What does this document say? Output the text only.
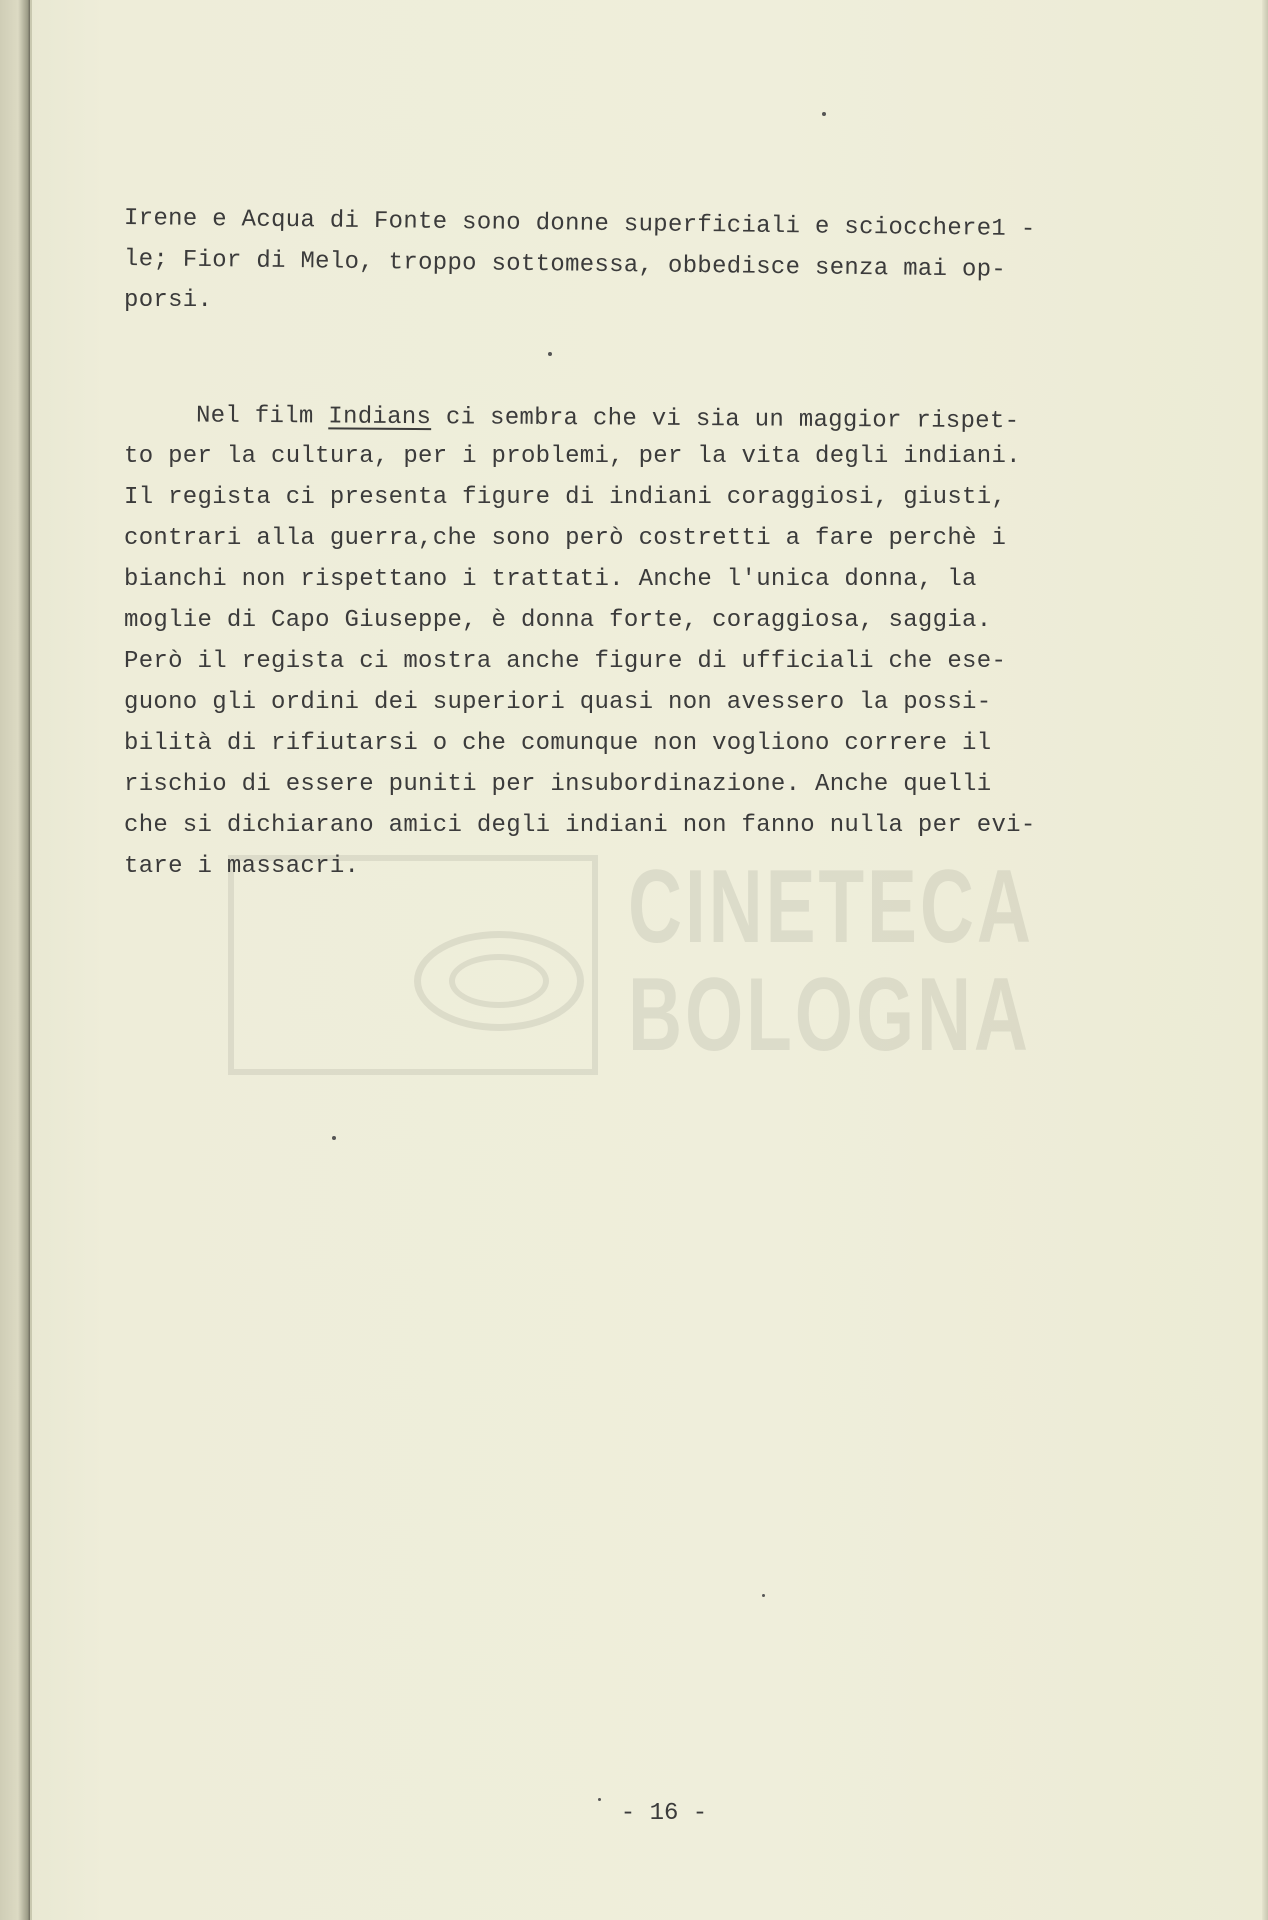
CINETECA
BOLOGNA
Irene e Acqua di Fonte sono donne superficiali e sciocchere1 -
le; Fior di Melo, troppo sottomessa, obbedisce senza mai op-
porsi.
Nel film Indians ci sembra che vi sia un maggior rispet-
to per la cultura, per i problemi, per la vita degli indiani.
Il regista ci presenta figure di indiani coraggiosi, giusti,
contrari alla guerra,che sono però costretti a fare perchè i
bianchi non rispettano i trattati. Anche l'unica donna, la
moglie di Capo Giuseppe, è donna forte, coraggiosa, saggia.
Però il regista ci mostra anche figure di ufficiali che ese-
guono gli ordini dei superiori quasi non avessero la possi-
bilità di rifiutarsi o che comunque non vogliono correre il
rischio di essere puniti per insubordinazione. Anche quelli
che si dichiarano amici degli indiani non fanno nulla per evi-
tare i massacri.
- 16 -
